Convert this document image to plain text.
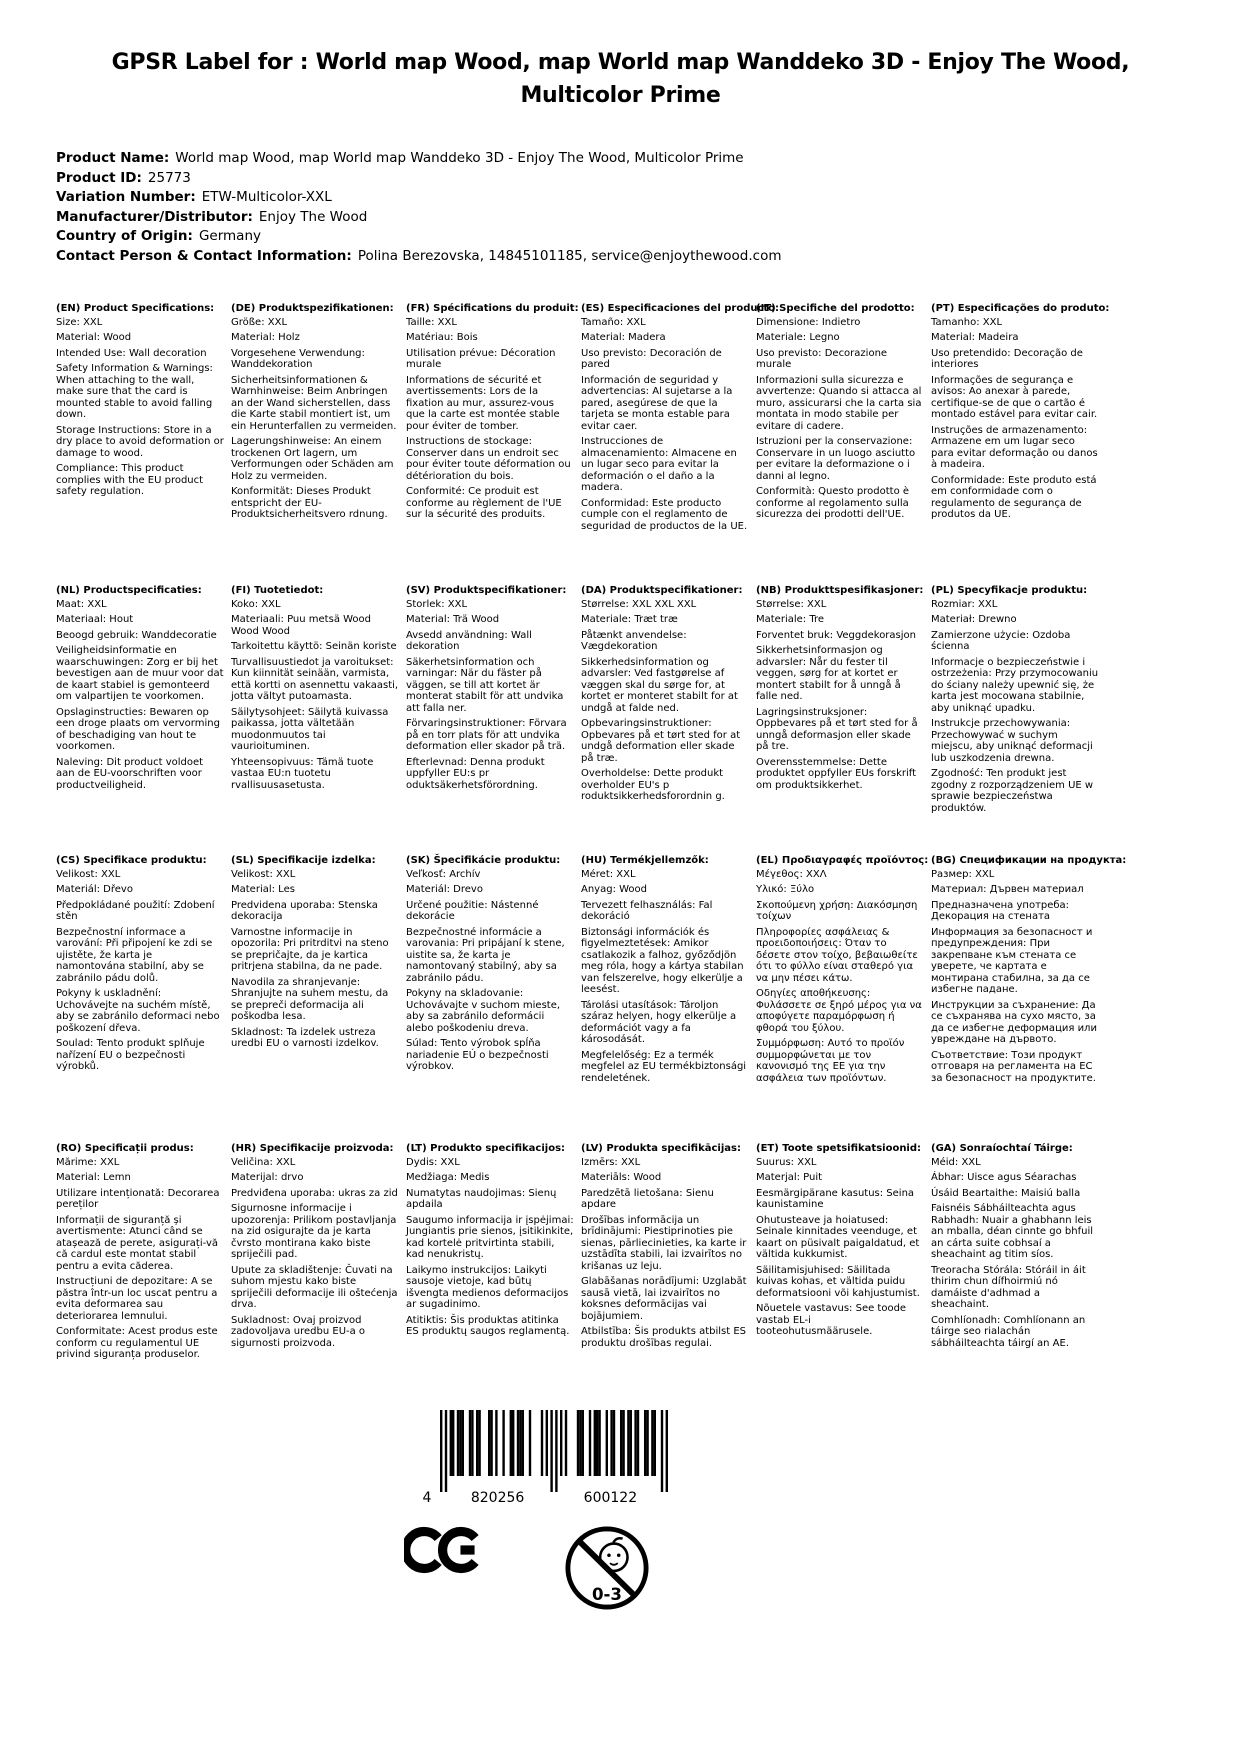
GPSR Label for : World map Wood, map World map Wanddeko 3D - Enjoy The Wood, Multicolor Prime
Product Name: World map Wood, map World map Wanddeko 3D - Enjoy The Wood, Multicolor Prime
Product ID: 25773
Variation Number: ETW-Multicolor-XXL
Manufacturer/Distributor: Enjoy The Wood
Country of Origin: Germany
Contact Person & Contact Information: Polina Berezovska, 14845101185, service@enjoythewood.com
(EN) Product Specifications:

Size: XXL

Material: Wood

Intended Use: Wall decoration

Safety Information & Warnings: When attaching to the wall, make sure that the card is mounted stable to avoid falling down.

Storage Instructions: Store in a dry place to avoid deformation or damage to wood.

Compliance: This product complies with the EU product safety regulation.

(DE) Produktspezifikationen:

Größe: XXL

Material: Holz

Vorgesehene Verwendung: Wanddekoration

Sicherheitsinformationen & Warnhinweise: Beim Anbringen an der Wand sicherstellen, dass die Karte stabil montiert ist, um ein Herunterfallen zu vermeiden.

Lagerungshinweise: An einem trockenen Ort lagern, um Verformungen oder Schäden am Holz zu vermeiden.

Konformität: Dieses Produkt entspricht der EU-Produktsicherheitsvero rdnung.

(FR) Spécifications du produit:

Taille: XXL

Matériau: Bois

Utilisation prévue: Décoration murale

Informations de sécurité et avertissements: Lors de la fixation au mur, assurez-vous que la carte est montée stable pour éviter de tomber.

Instructions de stockage: Conserver dans un endroit sec pour éviter toute déformation ou détérioration du bois.

Conformité: Ce produit est conforme au règlement de l'UE sur la sécurité des produits.

(ES) Especificaciones del producto:

Tamaño: XXL

Material: Madera

Uso previsto: Decoración de pared

Información de seguridad y advertencias: Al sujetarse a la pared, asegúrese de que la tarjeta se monta estable para evitar caer.

Instrucciones de almacenamiento: Almacene en un lugar seco para evitar la deformación o el daño a la madera.

Conformidad: Este producto cumple con el reglamento de seguridad de productos de la UE.

(IT) Specifiche del prodotto:

Dimensione: Indietro

Materiale: Legno

Uso previsto: Decorazione murale

Informazioni sulla sicurezza e avvertenze: Quando si attacca al muro, assicurarsi che la carta sia montata in modo stabile per evitare di cadere.

Istruzioni per la conservazione: Conservare in un luogo asciutto per evitare la deformazione o i danni al legno.

Conformità: Questo prodotto è conforme al regolamento sulla sicurezza dei prodotti dell'UE.

(PT) Especificações do produto:

Tamanho: XXL

Material: Madeira

Uso pretendido: Decoração de interiores

Informações de segurança e avisos: Ao anexar à parede, certifique-se de que o cartão é montado estável para evitar cair.

Instruções de armazenamento: Armazene em um lugar seco para evitar deformação ou danos à madeira.

Conformidade: Este produto está em conformidade com o regulamento de segurança de produtos da UE.

(NL) Productspecificaties:

Maat: XXL

Materiaal: Hout

Beoogd gebruik: Wanddecoratie

Veiligheidsinformatie en waarschuwingen: Zorg er bij het bevestigen aan de muur voor dat de kaart stabiel is gemonteerd om valpartijen te voorkomen.

Opslaginstructies: Bewaren op een droge plaats om vervorming of beschadiging van hout te voorkomen.

Naleving: Dit product voldoet aan de EU-voorschriften voor productveiligheid.

(FI) Tuotetiedot:

Koko: XXL

Materiaali: Puu metsä Wood Wood Wood

Tarkoitettu käyttö: Seinän koriste

Turvallisuustiedot ja varoitukset: Kun kiinnität seinään, varmista, että kortti on asennettu vakaasti, jotta vältyt putoamasta.

Säilytysohjeet: Säilytä kuivassa paikassa, jotta vältetään muodonmuutos tai vaurioituminen.

Yhteensopivuus: Tämä tuote vastaa EU:n tuotetu rvallisuusasetusta.

(SV) Produktspecifikationer:

Storlek: XXL

Material: Trä Wood

Avsedd användning: Wall dekoration

Säkerhetsinformation och varningar: När du fäster på väggen, se till att kortet är monterat stabilt för att undvika att falla ner.

Förvaringsinstruktioner: Förvara på en torr plats för att undvika deformation eller skador på trä.

Efterlevnad: Denna produkt uppfyller EU:s pr oduktsäkerhetsförordning.

(DA) Produktspecifikationer:

Størrelse: XXL XXL XXL

Materiale: Træt træ

Påtænkt anvendelse: Vægdekoration

Sikkerhedsinformation og advarsler: Ved fastgørelse af væggen skal du sørge for, at kortet er monteret stabilt for at undgå at falde ned.

Opbevaringsinstruktioner: Opbevares på et tørt sted for at undgå deformation eller skade på træ.

Overholdelse: Dette produkt overholder EU's p roduktsikkerhedsforordnin g.

(NB) Produkttspesifikasjoner:

Størrelse: XXL

Materiale: Tre

Forventet bruk: Veggdekorasjon

Sikkerhetsinformasjon og advarsler: Når du fester til veggen, sørg for at kortet er montert stabilt for å unngå å falle ned.

Lagringsinstruksjoner: Oppbevares på et tørt sted for å unngå deformasjon eller skade på tre.

Overensstemmelse: Dette produktet oppfyller EUs forskrift om produktsikkerhet.

(PL) Specyfikacje produktu:

Rozmiar: XXL

Materiał: Drewno

Zamierzone użycie: Ozdoba ścienna

Informacje o bezpieczeństwie i ostrzeżenia: Przy przymocowaniu do ściany należy upewnić się, że karta jest mocowana stabilnie, aby uniknąć upadku.

Instrukcje przechowywania: Przechowywać w suchym miejscu, aby uniknąć deformacji lub uszkodzenia drewna.

Zgodność: Ten produkt jest zgodny z rozporządzeniem UE w sprawie bezpieczeństwa produktów.

(CS) Specifikace produktu:

Velikost: XXL

Materiál: Dřevo

Předpokládané použití: Zdobení stěn

Bezpečnostní informace a varování: Při připojení ke zdi se ujistěte, že karta je namontována stabilní, aby se zabránilo pádu dolů.

Pokyny k uskladnění: Uchovávejte na suchém místě, aby se zabránilo deformaci nebo poškození dřeva.

Soulad: Tento produkt splňuje nařízení EU o bezpečnosti výrobků.

(SL) Specifikacije izdelka:

Velikost: XXL

Material: Les

Predvidena uporaba: Stenska dekoracija

Varnostne informacije in opozorila: Pri pritrditvi na steno se prepričajte, da je kartica pritrjena stabilna, da ne pade.

Navodila za shranjevanje: Shranjujte na suhem mestu, da se prepreči deformacija ali poškodba lesa.

Skladnost: Ta izdelek ustreza uredbi EU o varnosti izdelkov.

(SK) Špecifikácie produktu:

Veľkosť: Archív

Materiál: Drevo

Určené použitie: Nástenné dekorácie

Bezpečnostné informácie a varovania: Pri pripájaní k stene, uistite sa, že karta je namontovaný stabilný, aby sa zabránilo pádu.

Pokyny na skladovanie: Uchovávajte v suchom mieste, aby sa zabránilo deformácii alebo poškodeniu dreva.

Súlad: Tento výrobok spĺňa nariadenie EÚ o bezpečnosti výrobkov.

(HU) Termékjellemzők:

Méret: XXL

Anyag: Wood

Tervezett felhasználás: Fal dekoráció

Biztonsági információk és figyelmeztetések: Amikor csatlakozik a falhoz, győződjön meg róla, hogy a kártya stabilan van felszerelve, hogy elkerülje a leesést.

Tárolási utasítások: Tároljon száraz helyen, hogy elkerülje a deformációt vagy a fa károsodását.

Megfelelőség: Ez a termék megfelel az EU termékbiztonsági rendeletének.

(EL) Προδιαγραφές προϊόντος:

Μέγεθος: XXΛ

Υλικό: Ξύλο

Σκοπούμενη χρήση: Διακόσμηση τοίχων

Πληροφορίες ασφάλειας & προειδοποιήσεις: Όταν το δέσετε στον τοίχο, βεβαιωθείτε ότι το φύλλο είναι σταθερό για να μην πέσει κάτω.

Οδηγίες αποθήκευσης: Φυλάσσετε σε ξηρό μέρος για να αποφύγετε παραμόρφωση ή φθορά του ξύλου.

Συμμόρφωση: Αυτό το προϊόν συμμορφώνεται με τον κανονισμό της ΕΕ για την ασφάλεια των προϊόντων.

(BG) Спецификации на продукта:

Размер: XXL

Материал: Дървен материал

Предназначена употреба: Декорация на стената

Информация за безопасност и предупреждения: При закрепване към стената се уверете, че картата е монтирана стабилна, за да се избегне падане.

Инструкции за съхранение: Да се съхранява на сухо място, за да се избегне деформация или увреждане на дървото.

Съответствие: Този продукт отговаря на регламента на ЕС за безопасност на продуктите.

(RO) Specificații produs:

Mărime: XXL

Material: Lemn

Utilizare intenționată: Decorarea pereților

Informații de siguranță și avertismente: Atunci când se atașează de perete, asigurați-vă că cardul este montat stabil pentru a evita căderea.

Instrucțiuni de depozitare: A se păstra într-un loc uscat pentru a evita deformarea sau deteriorarea lemnului.

Conformitate: Acest produs este conform cu regulamentul UE privind siguranța produselor.

(HR) Specifikacije proizvoda:

Veličina: XXL

Materijal: drvo

Predviđena uporaba: ukras za zid

Sigurnosne informacije i upozorenja: Prilikom postavljanja na zid osigurajte da je karta čvrsto montirana kako biste spriječili pad.

Upute za skladištenje: Čuvati na suhom mjestu kako biste spriječili deformacije ili oštećenja drva.

Sukladnost: Ovaj proizvod zadovoljava uredbu EU-a o sigurnosti proizvoda.

(LT) Produkto specifikacijos:

Dydis: XXL

Medžiaga: Medis

Numatytas naudojimas: Sienų apdaila

Saugumo informacija ir įspėjimai: Jungiantis prie sienos, įsitikinkite, kad kortelė pritvirtinta stabili, kad nenukristų.

Laikymo instrukcijos: Laikyti sausoje vietoje, kad būtų išvengta medienos deformacijos ar sugadinimo.

Atitiktis: Šis produktas atitinka ES produktų saugos reglamentą.

(LV) Produkta specifikācijas:

Izmērs: XXL

Materiāls: Wood

Paredzētā lietošana: Sienu apdare

Drošības informācija un brīdinājumi: Piestiprinoties pie sienas, pārliecinieties, ka karte ir uzstādīta stabili, lai izvairītos no krišanas uz leju.

Glabāšanas norādījumi: Uzglabāt sausā vietā, lai izvairītos no koksnes deformācijas vai bojājumiem.

Atbilstība: Šis produkts atbilst ES produktu drošības regulai.

(ET) Toote spetsifikatsioonid:

Suurus: XXL

Materjal: Puit

Eesmärgipärane kasutus: Seina kaunistamine

Ohutusteave ja hoiatused: Seinale kinnitades veenduge, et kaart on püsivalt paigaldatud, et vältida kukkumist.

Säilitamisjuhised: Säilitada kuivas kohas, et vältida puidu deformatsiooni või kahjustumist.

Nõuetele vastavus: See toode vastab EL-i tooteohutusmäärusele.

(GA) Sonraíochtaí Táirge:

Méid: XXL

Ábhar: Uisce agus Séarachas

Úsáid Beartaithe: Maisiú balla

Faisnéis Sábháilteachta agus Rabhadh: Nuair a ghabhann leis an mballa, déan cinnte go bhfuil an cárta suite cobhsaí a sheachaint ag titim síos.

Treoracha Stórála: Stóráil in áit thirim chun dífhoirmiú nó damáiste d'adhmad a sheachaint.

Comhlíonadh: Comhlíonann an táirge seo rialachán sábháilteachta táirgí an AE.

4	820256	600122
0-3
